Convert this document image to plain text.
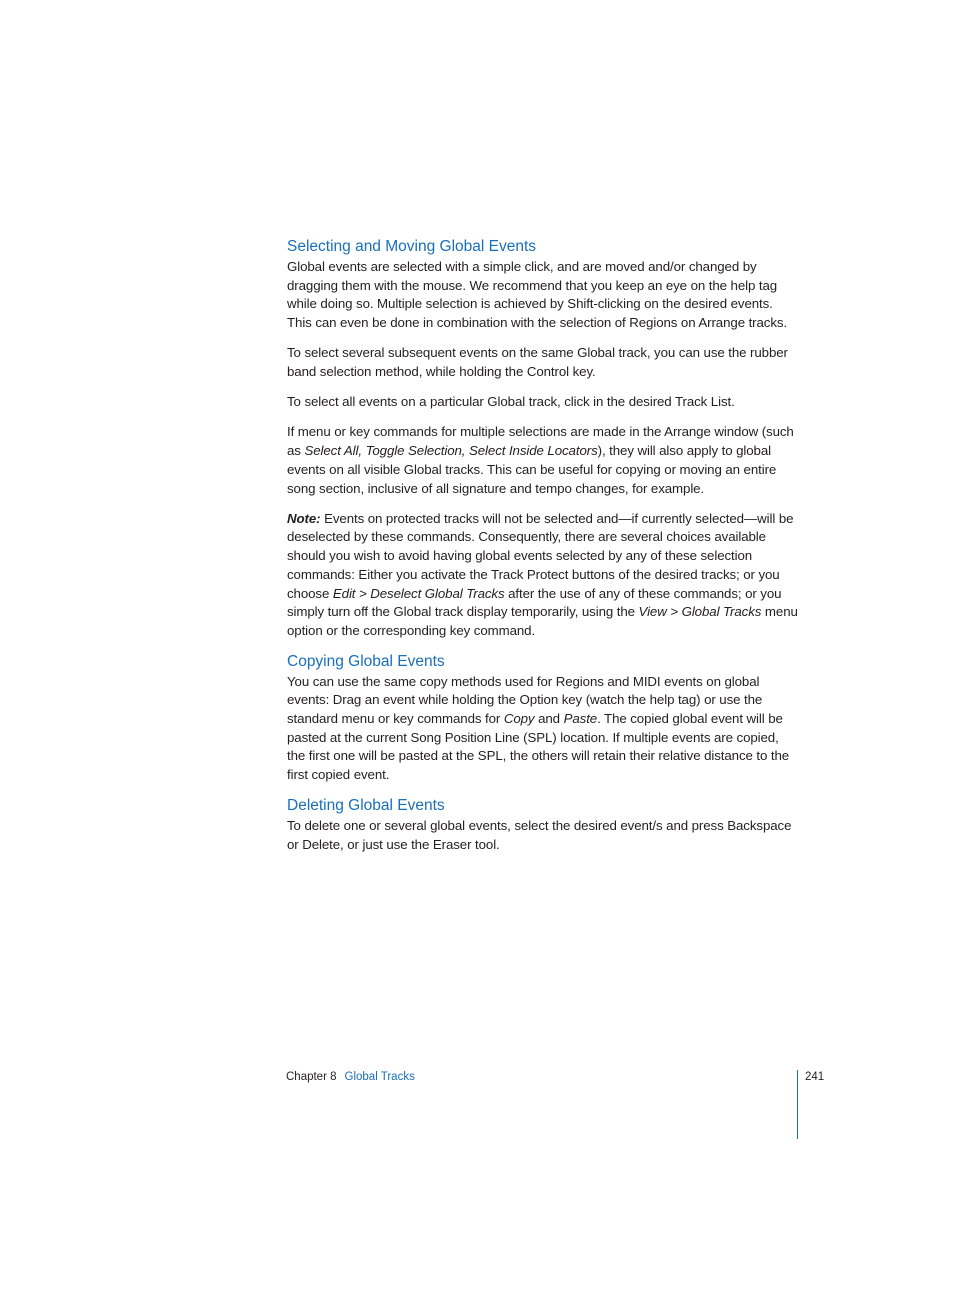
Selecting and Moving Global Events

Global events are selected with a simple click, and are moved and/or changed by dragging them with the mouse. We recommend that you keep an eye on the help tag while doing so. Multiple selection is achieved by Shift-clicking on the desired events. This can even be done in combination with the selection of Regions on Arrange tracks.

To select several subsequent events on the same Global track, you can use the rubber band selection method, while holding the Control key.

To select all events on a particular Global track, click in the desired Track List.

If menu or key commands for multiple selections are made in the Arrange window (such as Select All, Toggle Selection, Select Inside Locators), they will also apply to global events on all visible Global tracks. This can be useful for copying or moving an entire song section, inclusive of all signature and tempo changes, for example.

Note: Events on protected tracks will not be selected and—if currently selected—will be deselected by these commands. Consequently, there are several choices available should you wish to avoid having global events selected by any of these selection commands: Either you activate the Track Protect buttons of the desired tracks; or you choose Edit > Deselect Global Tracks after the use of any of these commands; or you simply turn off the Global track display temporarily, using the View > Global Tracks menu option or the corresponding key command.

Copying Global Events

You can use the same copy methods used for Regions and MIDI events on global events: Drag an event while holding the Option key (watch the help tag) or use the standard menu or key commands for Copy and Paste. The copied global event will be pasted at the current Song Position Line (SPL) location. If multiple events are copied, the first one will be pasted at the SPL, the others will retain their relative distance to the first copied event.

Deleting Global Events

To delete one or several global events, select the desired event/s and press Backspace or Delete, or just use the Eraser tool.

Chapter 8 Global Tracks	241
